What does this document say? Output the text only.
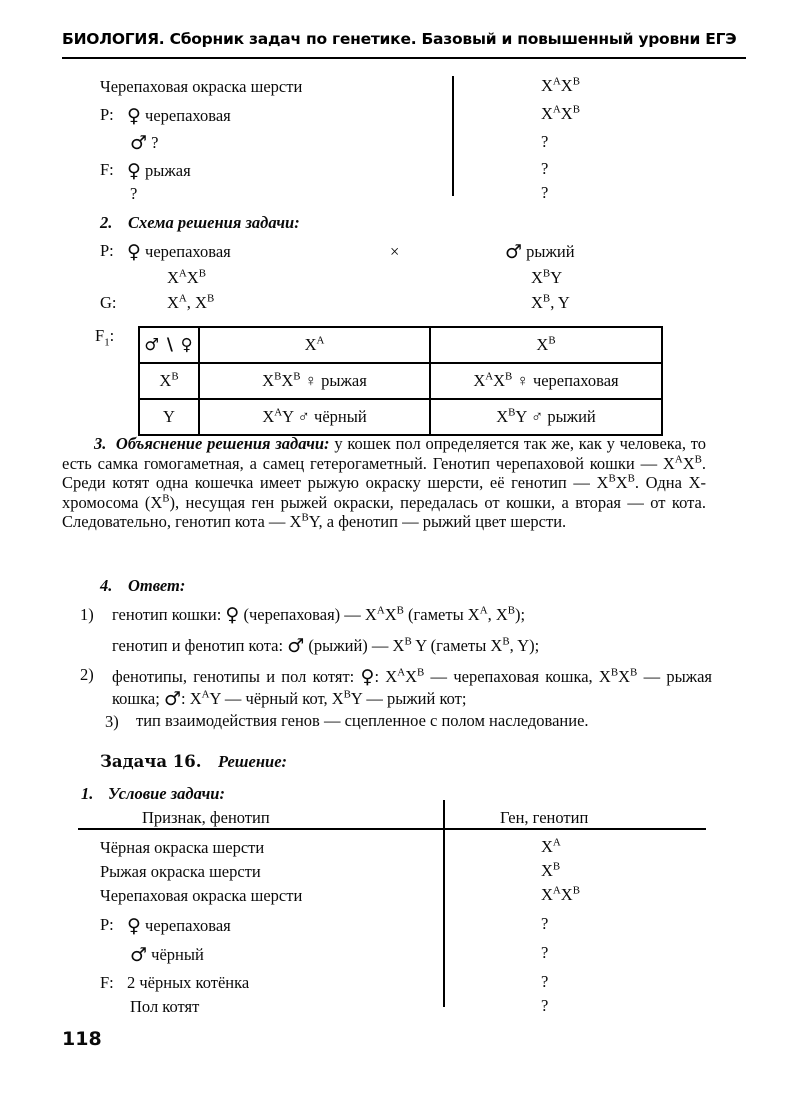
БИОЛОГИЯ. Сборник задач по генетике. Базовый и повышенный уровни ЕГЭ
Черепаховая окраска шерсти	$X^AX^B$
P: ♀ черепаховая	$X^AX^B$
♂ ?	?
F: ♀ рыжая	?
?	?
2. Схема решения задачи:
P: ♀ черепаховая	×	♂ рыжий
$X^AX^B$	$X^BY$
G:	$X^A$, $X^B$	$X^B$, Y
$F_1$: ♂ \ ♀	$X^A$	$X^B$
$X^B$	$X^BX^B$ ♀ рыжая	$X^AX^B$ ♀ черепаховая
Y	$X^AY$ ♂ чёрный	$X^BY$ ♂ рыжий
3. Объяснение решения задачи: у кошек пол определяется так же, как у человека, то есть самка гомогаметная, а самец гетерогаметный. Генотип черепаховой кошки — $X^AX^B$. Среди котят одна кошечка имеет рыжую окраску шерсти, её генотип — $X^BX^B$. Одна Х-хромосома $(X^B)$, несущая ген рыжей окраски, передалась от кошки, а вторая — от кота. Следовательно, генотип кота — $X^BY$, а фенотип — рыжий цвет шерсти.
4. Ответ:
1) генотип кошки: ♀ (черепаховая) — $X^AX^B$ (гаметы $X^A$, $X^B$);
генотип и фенотип кота: ♂ (рыжий) — $X^B$ Y (гаметы $X^B$, Y);
2) фенотипы, генотипы и пол котят: ♀: $X^AX^B$ — черепаховая кошка, $X^BX^B$ — рыжая кошка; ♂: $X^AY$ — чёрный кот, $X^BY$ — рыжий кот;
3) тип взаимодействия генов — сцепленное с полом наследование.
Задача 16. Решение:
1. Условие задачи:
Признак, фенотип	Ген, генотип
Чёрная окраска шерсти	$X^A$
Рыжая окраска шерсти	$X^B$
Черепаховая окраска шерсти	$X^AX^B$
P: ♀ черепаховая	?
♂ чёрный	?
F: 2 чёрных котёнка	?
Пол котят	?
118
